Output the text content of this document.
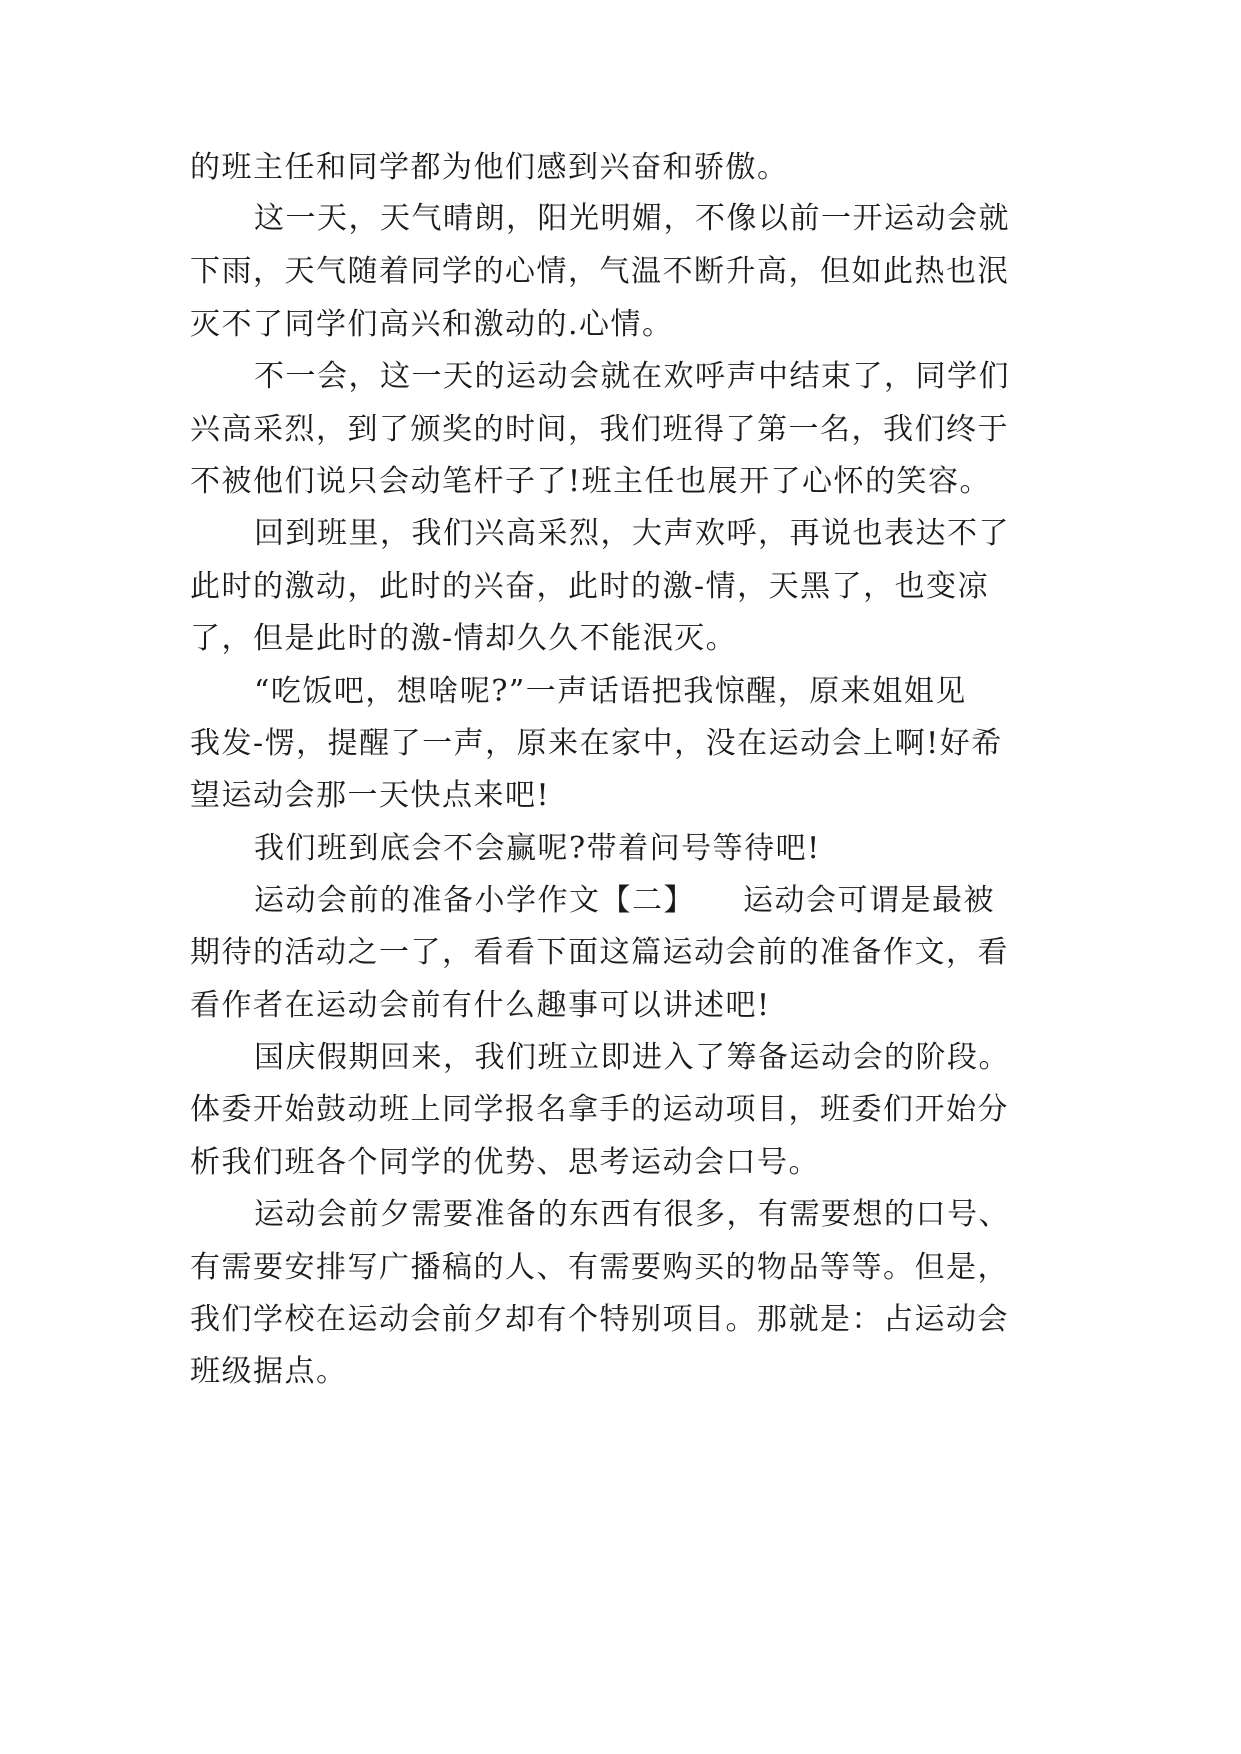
的班主任和同学都为他们感到兴奋和骄傲。
这一天，天气晴朗，阳光明媚，不像以前一开运动会就
下雨，天气随着同学的心情，气温不断升高，但如此热也泯
灭不了同学们高兴和激动的.心情。
不一会，这一天的运动会就在欢呼声中结束了，同学们
兴高采烈，到了颁奖的时间，我们班得了第一名，我们终于
不被他们说只会动笔杆子了!班主任也展开了心怀的笑容。
回到班里，我们兴高采烈，大声欢呼，再说也表达不了
此时的激动，此时的兴奋，此时的激-情，天黑了，也变凉
了，但是此时的激-情却久久不能泯灭。
“吃饭吧，想啥呢?”一声话语把我惊醒，原来姐姐见
我发-愣，提醒了一声，原来在家中，没在运动会上啊!好希
望运动会那一天快点来吧!
我们班到底会不会赢呢?带着问号等待吧!
运动会前的准备小学作文【二】　　运动会可谓是最被
期待的活动之一了，看看下面这篇运动会前的准备作文，看
看作者在运动会前有什么趣事可以讲述吧!
国庆假期回来，我们班立即进入了筹备运动会的阶段。
体委开始鼓动班上同学报名拿手的运动项目，班委们开始分
析我们班各个同学的优势、思考运动会口号。
运动会前夕需要准备的东西有很多，有需要想的口号、
有需要安排写广播稿的人、有需要购买的物品等等。但是，
我们学校在运动会前夕却有个特别项目。那就是：占运动会
班级据点。
